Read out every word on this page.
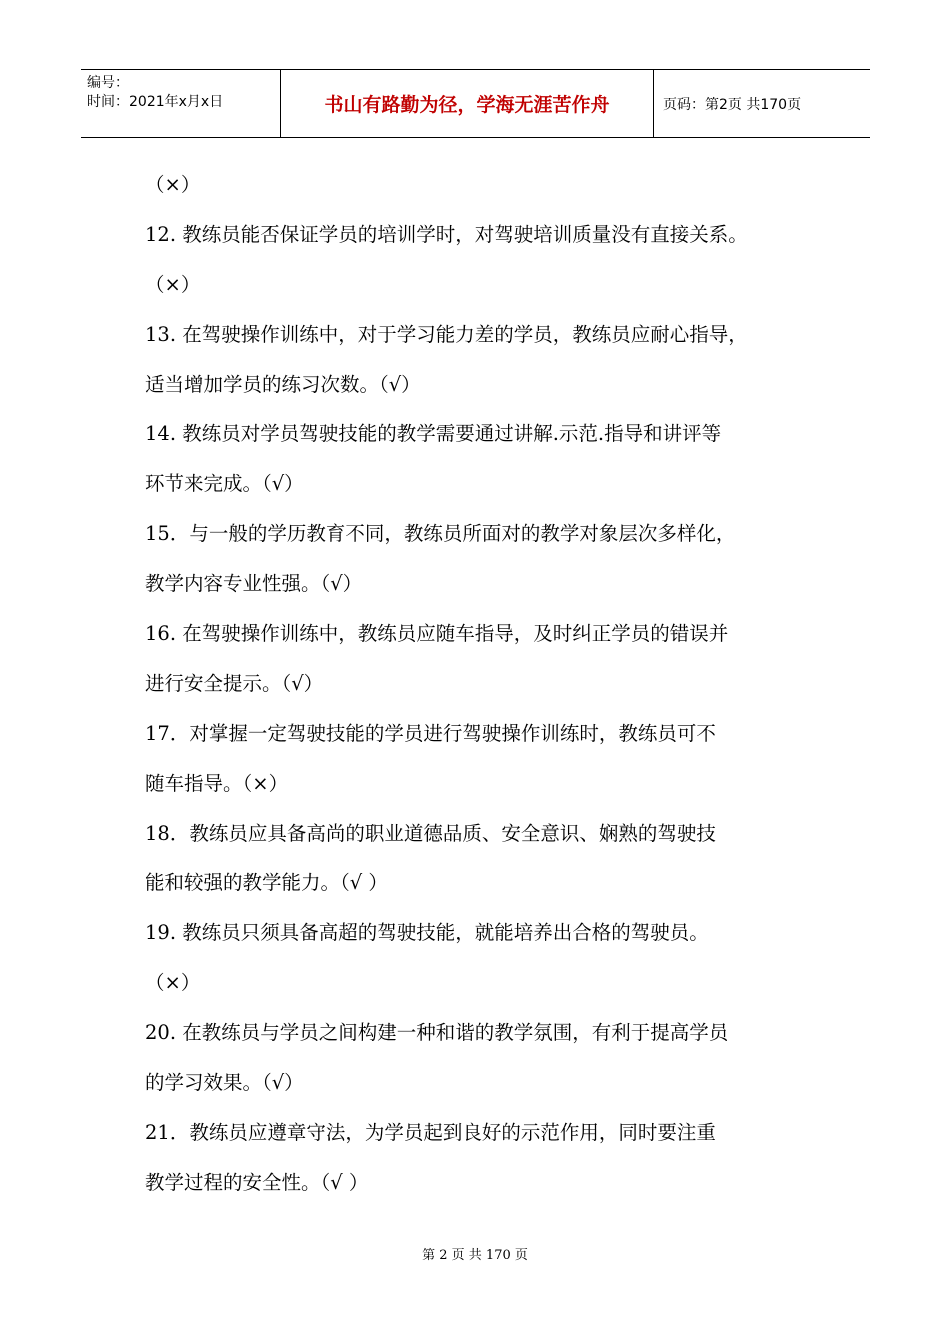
编号：
时间：2021年x月x日	书山有路勤为径，学海无涯苦作舟	页码：第2页 共170页
（×）
12. 教练员能否保证学员的培训学时，对驾驶培训质量没有直接关系。
（×）
13. 在驾驶操作训练中，对于学习能力差的学员，教练员应耐心指导，
适当增加学员的练习次数。（√）
14. 教练员对学员驾驶技能的教学需要通过讲解.示范.指导和讲评等
环节来完成。（√）
15．与一般的学历教育不同，教练员所面对的教学对象层次多样化，
教学内容专业性强。（√）
16. 在驾驶操作训练中，教练员应随车指导，及时纠正学员的错误并
进行安全提示。（√）
17．对掌握一定驾驶技能的学员进行驾驶操作训练时，教练员可不
随车指导。（×）
18．教练员应具备高尚的职业道德品质、安全意识、娴熟的驾驶技
能和较强的教学能力。（√ ）
19. 教练员只须具备高超的驾驶技能，就能培养出合格的驾驶员。
（×）
20. 在教练员与学员之间构建一种和谐的教学氛围，有利于提高学员
的学习效果。（√）
21．教练员应遵章守法，为学员起到良好的示范作用，同时要注重
教学过程的安全性。（√ ）
第 2 页 共 170 页
